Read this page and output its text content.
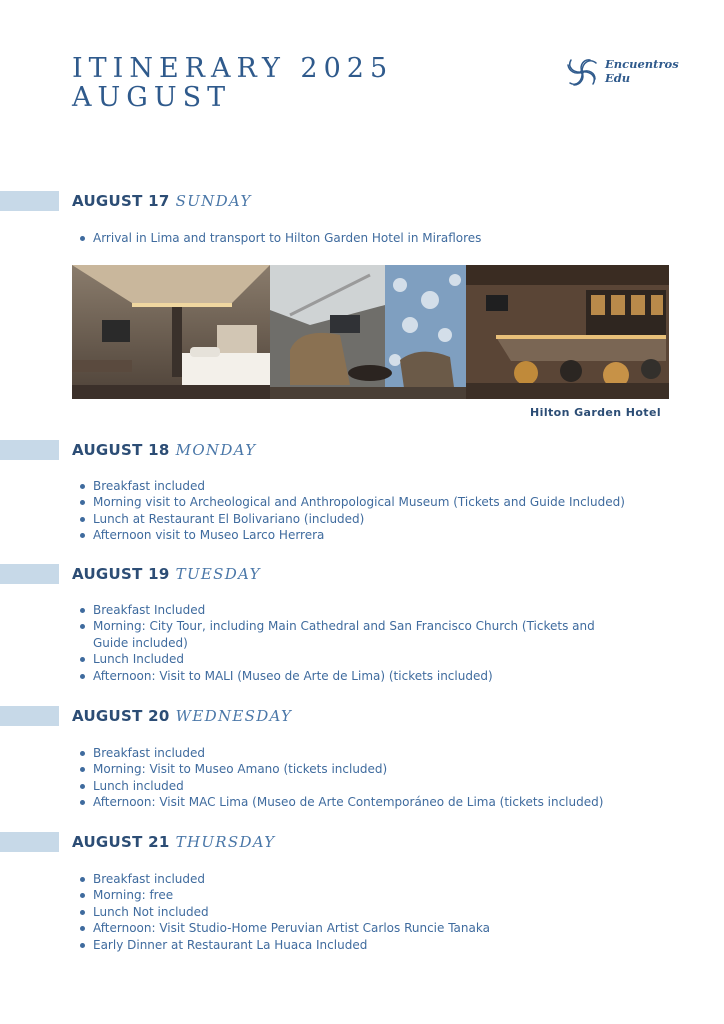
ITINERARY 2025
AUGUST
Encuentros
Edu
AUGUST 17 SUNDAY
Arrival in Lima and transport to Hilton Garden Hotel in Miraflores

Hilton Garden Hotel

AUGUST 18 MONDAY
Breakfast included
Morning visit to Archeological and Anthropological Museum (Tickets and Guide Included)
Lunch at Restaurant El Bolivariano (included)
Afternoon visit to Museo Larco Herrera
AUGUST 19 TUESDAY
Breakfast Included
Morning: City Tour, including Main Cathedral and San Francisco Church (Tickets and Guide included)
Lunch Included
Afternoon: Visit to MALI (Museo de Arte de Lima) (tickets included)
AUGUST 20 WEDNESDAY
Breakfast included
Morning: Visit to Museo Amano (tickets included)
Lunch included
Afternoon: Visit MAC Lima (Museo de Arte Contemporáneo de Lima (tickets included)
AUGUST 21 THURSDAY
Breakfast included
Morning: free
Lunch Not included
Afternoon: Visit Studio-Home Peruvian Artist Carlos Runcie Tanaka
Early Dinner at Restaurant La Huaca Included
